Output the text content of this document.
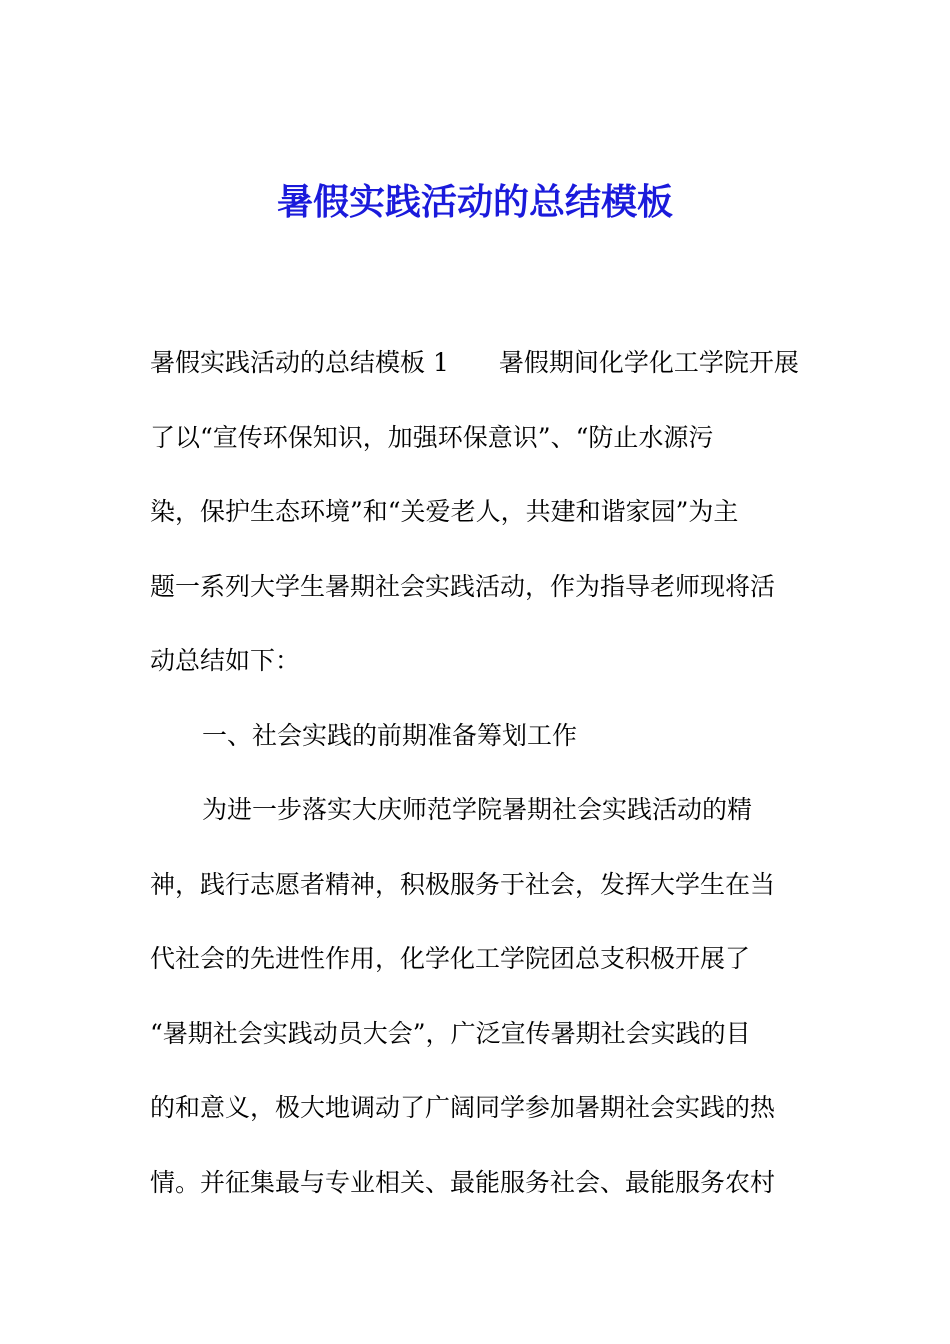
暑假实践活动的总结模板

暑假实践活动的总结模板 1 暑假期间化学化工学院开展

了以“宣传环保知识，加强环保意识”、“防止水源污

染，保护生态环境”和“关爱老人，共建和谐家园”为主

题一系列大学生暑期社会实践活动，作为指导老师现将活

动总结如下：

一、社会实践的前期准备筹划工作

为进一步落实大庆师范学院暑期社会实践活动的精

神，践行志愿者精神，积极服务于社会，发挥大学生在当

代社会的先进性作用，化学化工学院团总支积极开展了

“暑期社会实践动员大会”，广泛宣传暑期社会实践的目

的和意义，极大地调动了广阔同学参加暑期社会实践的热

情。并征集最与专业相关、最能服务社会、最能服务农村
